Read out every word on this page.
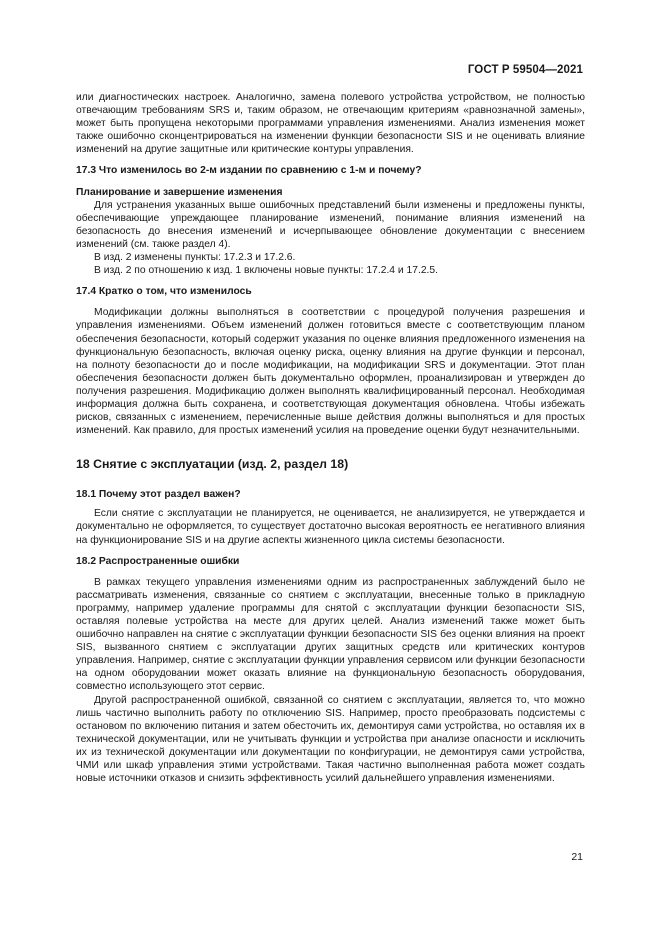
ГОСТ Р 59504—2021

или диагностических настроек. Аналогично, замена полевого устройства устройством, не полностью отвечающим требованиям SRS и, таким образом, не отвечающим критериям «равнозначной замены», может быть пропущена некоторыми программами управления изменениями. Анализ изменения может также ошибочно сконцентрироваться на изменении функции безопасности SIS и не оценивать влияние изменений на другие защитные или критические контуры управления.

17.3 Что изменилось во 2-м издании по сравнению с 1-м и почему?
Планирование и завершение изменения

Для устранения указанных выше ошибочных представлений были изменены и предложены пункты, обеспечивающие упреждающее планирование изменений, понимание влияния изменений на безопасность до внесения изменений и исчерпывающее обновление документации с внесением изменений (см. также раздел 4).

В изд. 2 изменены пункты: 17.2.3 и 17.2.6.

В изд. 2 по отношению к изд. 1 включены новые пункты: 17.2.4 и 17.2.5.

17.4 Кратко о том, что изменилось

Модификации должны выполняться в соответствии с процедурой получения разрешения и управления изменениями. Объем изменений должен готовиться вместе с соответствующим планом обеспечения безопасности, который содержит указания по оценке влияния предложенного изменения на функциональную безопасность, включая оценку риска, оценку влияния на другие функции и персонал, на полноту безопасности до и после модификации, на модификации SRS и документации. Этот план обеспечения безопасности должен быть документально оформлен, проанализирован и утвержден до получения разрешения. Модификацию должен выполнять квалифицированный персонал. Необходимая информация должна быть сохранена, и соответствующая документация обновлена. Чтобы избежать рисков, связанных с изменением, перечисленные выше действия должны выполняться и для простых изменений. Как правило, для простых изменений усилия на проведение оценки будут незначительными.

18 Снятие с эксплуатации (изд. 2, раздел 18)
18.1 Почему этот раздел важен?

Если снятие с эксплуатации не планируется, не оценивается, не анализируется, не утверждается и документально не оформляется, то существует достаточно высокая вероятность ее негативного влияния на функционирование SIS и на другие аспекты жизненного цикла системы безопасности.

18.2 Распространенные ошибки

В рамках текущего управления изменениями одним из распространенных заблуждений было не рассматривать изменения, связанные со снятием с эксплуатации, внесенные только в прикладную программу, например удаление программы для снятой с эксплуатации функции безопасности SIS, оставляя полевые устройства на месте для других целей. Анализ изменений также может быть ошибочно направлен на снятие с эксплуатации функции безопасности SIS без оценки влияния на проект SIS, вызванного снятием с эксплуатации других защитных средств или критических контуров управления. Например, снятие с эксплуатации функции управления сервисом или функции безопасности на одном оборудовании может оказать влияние на функциональную безопасность оборудования, совместно использующего этот сервис.

Другой распространенной ошибкой, связанной со снятием с эксплуатации, является то, что можно лишь частично выполнить работу по отключению SIS. Например, просто преобразовать подсистемы с остановом по включению питания и затем обесточить их, демонтируя сами устройства, но оставляя их в технической документации, или не учитывать функции и устройства при анализе опасности и исключить их из технической документации или документации по конфигурации, не демонтируя сами устройства, ЧМИ или шкаф управления этими устройствами. Такая частично выполненная работа может создать новые источники отказов и снизить эффективность усилий дальнейшего управления изменениями.

21
